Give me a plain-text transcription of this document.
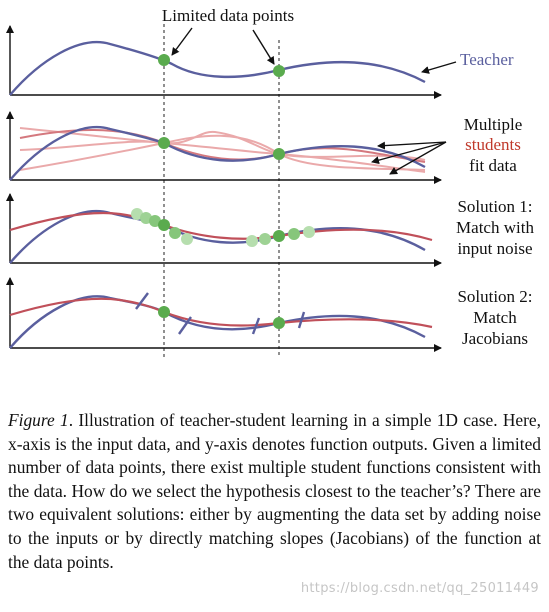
Limited data points
Teacher
Multiple
students
fit data
Solution 1:
Match with
input noise
Solution 2:
Match
Jacobians
Figure 1. Illustration of teacher-student learning in a simple 1D case. Here, x-axis is the input data, and y-axis denotes function outputs. Given a limited number of data points, there exist multiple student functions consistent with the data. How do we select the hypothesis closest to the teacher’s? There are two equivalent solutions: either by augmenting the data set by adding noise to the inputs or by directly matching slopes (Jacobians) of the function at the data points.
https://blog.csdn.net/qq_25011449
